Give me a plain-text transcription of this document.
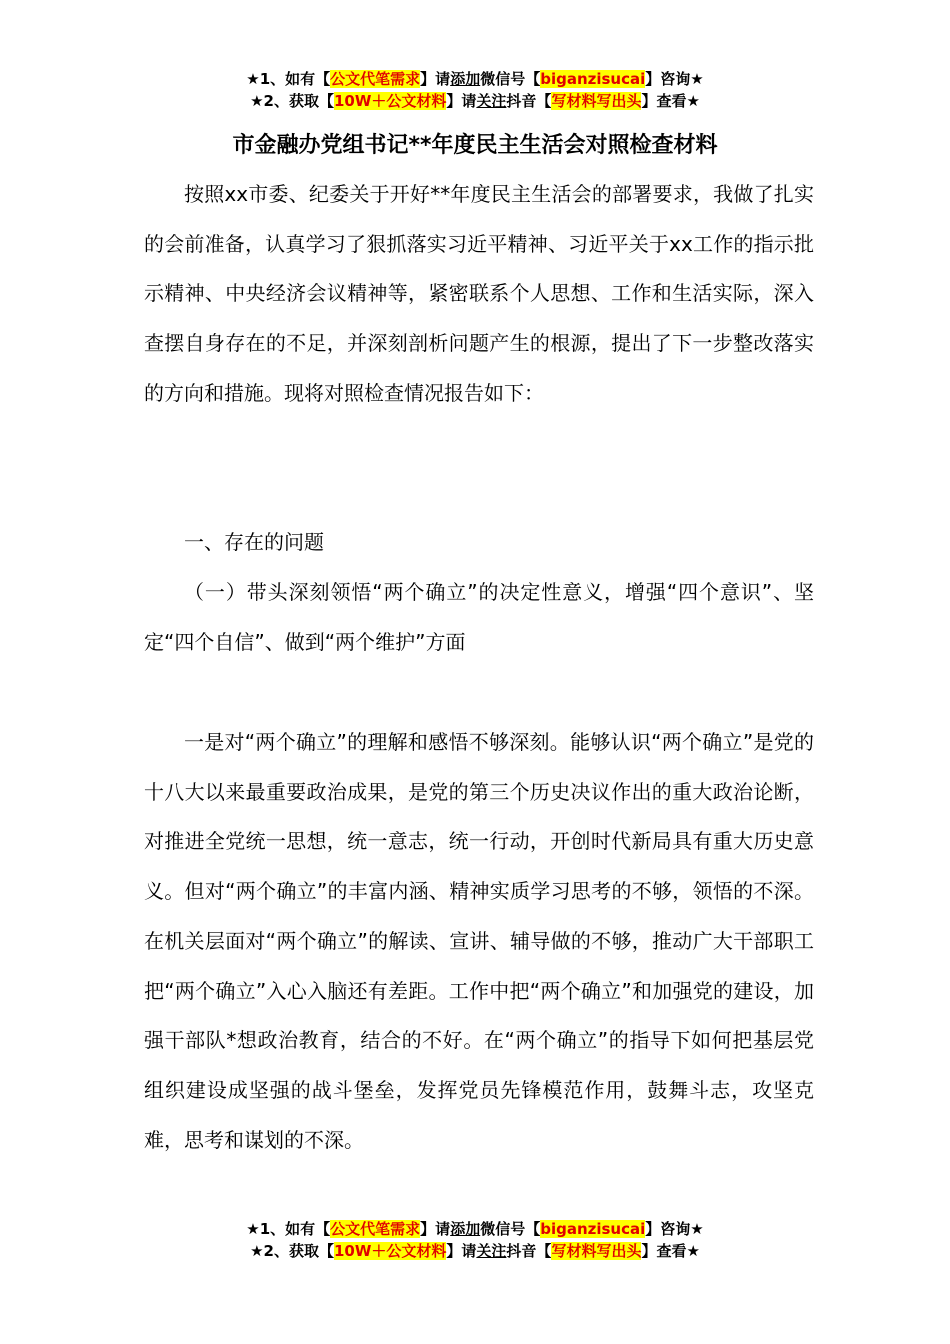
★1、如有【公文代笔需求】请添加微信号【biganzisucai】咨询★
★2、获取【10W＋公文材料】请关注抖音【写材料写出头】查看★
市金融办党组书记**年度民主生活会对照检查材料

按照xx市委、纪委关于开好**年度民主生活会的部署要求，我做了扎实的会前准备，认真学习了狠抓落实习近平精神、习近平关于xx工作的指示批示精神、中央经济会议精神等，紧密联系个人思想、工作和生活实际，深入查摆自身存在的不足，并深刻剖析问题产生的根源，提出了下一步整改落实的方向和措施。现将对照检查情况报告如下：

一、存在的问题

（一）带头深刻领悟“两个确立”的决定性意义，增强“四个意识”、坚定“四个自信”、做到“两个维护”方面

一是对“两个确立”的理解和感悟不够深刻。能够认识“两个确立”是党的十八大以来最重要政治成果，是党的第三个历史决议作出的重大政治论断，对推进全党统一思想，统一意志，统一行动，开创时代新局具有重大历史意义。但对“两个确立”的丰富内涵、精神实质学习思考的不够，领悟的不深。在机关层面对“两个确立”的解读、宣讲、辅导做的不够，推动广大干部职工把“两个确立”入心入脑还有差距。工作中把“两个确立”和加强党的建设，加强干部队*想政治教育，结合的不好。在“两个确立”的指导下如何把基层党组织建设成坚强的战斗堡垒，发挥党员先锋模范作用，鼓舞斗志，攻坚克难，思考和谋划的不深。

★1、如有【公文代笔需求】请添加微信号【biganzisucai】咨询★
★2、获取【10W＋公文材料】请关注抖音【写材料写出头】查看★
